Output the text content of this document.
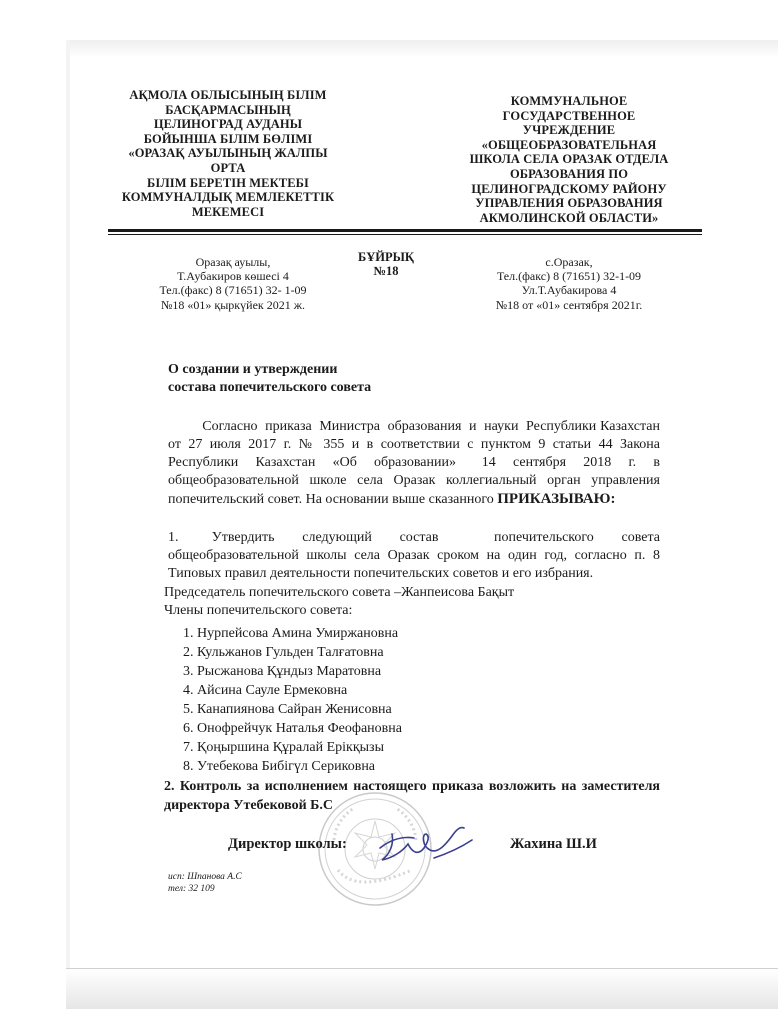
АҚМОЛА ОБЛЫСЫНЫҢ БІЛІМ
БАСҚАРМАСЫНЫҢ
ЦЕЛИНОГРАД АУДАНЫ
БОЙЫНША БІЛІМ БӨЛІМІ
«ОРАЗАҚ АУЫЛЫНЫҢ ЖАЛПЫ
ОРТА
БІЛІМ БЕРЕТІН МЕКТЕБІ
КОММУНАЛДЫҚ МЕМЛЕКЕТТІК
МЕКЕМЕСІ
КОММУНАЛЬНОЕ
ГОСУДАРСТВЕННОЕ
УЧРЕЖДЕНИЕ
«ОБЩЕОБРАЗОВАТЕЛЬНАЯ
ШКОЛА СЕЛА ОРАЗАК ОТДЕЛА
ОБРАЗОВАНИЯ ПО
ЦЕЛИНОГРАДСКОМУ РАЙОНУ
УПРАВЛЕНИЯ ОБРАЗОВАНИЯ
АКМОЛИНСКОЙ ОБЛАСТИ»
Оразақ ауылы,
Т.Аубакиров көшесі 4
Тел.(факс) 8 (71651) 32- 1-09
№18 «01» қыркүйек 2021 ж.
БҰЙРЫҚ
№18
с.Оразак,
Тел.(факс) 8 (71651) 32-1-09
Ул.Т.Аубакирова 4
№18 от «01» сентября 2021г.
О создании и утверждении
состава попечительского совета
Согласно  приказа  Министра  образования  и  науки  Республики Казахстан от 27 июля 2017 г. № 355 и в соответствии с пунктом 9 статьи 44 Закона  Республики  Казахстан  «Об  образовании»   14  сентября  2018  г.  в общеобразовательной  школе  села  Оразак  коллегиальный  орган  управления попечительский совет. На основании выше сказанного ПРИКАЗЫВАЮ:
1.      Утвердить     следующий     состав          попечительского     совета общеобразовательной школы села Оразак сроком на один год, согласно п. 8 Типовых правил деятельности попечительских советов и его избрания.
Председатель попечительского совета –Жанпеисова Бақыт
Члены попечительского совета:
1. Нурпейсова Амина Умиржановна
2. Кульжанов Гульден Талғатовна
3. Рысжанова Құндыз Маратовна
4. Айсина Сауле Ермековна
5. Канапиянова Сайран Женисовна
6. Онофрейчук Наталья Феофановна
7. Қоңыршина Құралай Ерікқызы
8. Утебекова Бибігүл Сериковна
2. Контроль за исполнением настоящего приказа возложить на заместителя директора Утебековой Б.С
Директор школы:	Жахина Ш.И
исп: Шпанова А.С
тел: 32 109
